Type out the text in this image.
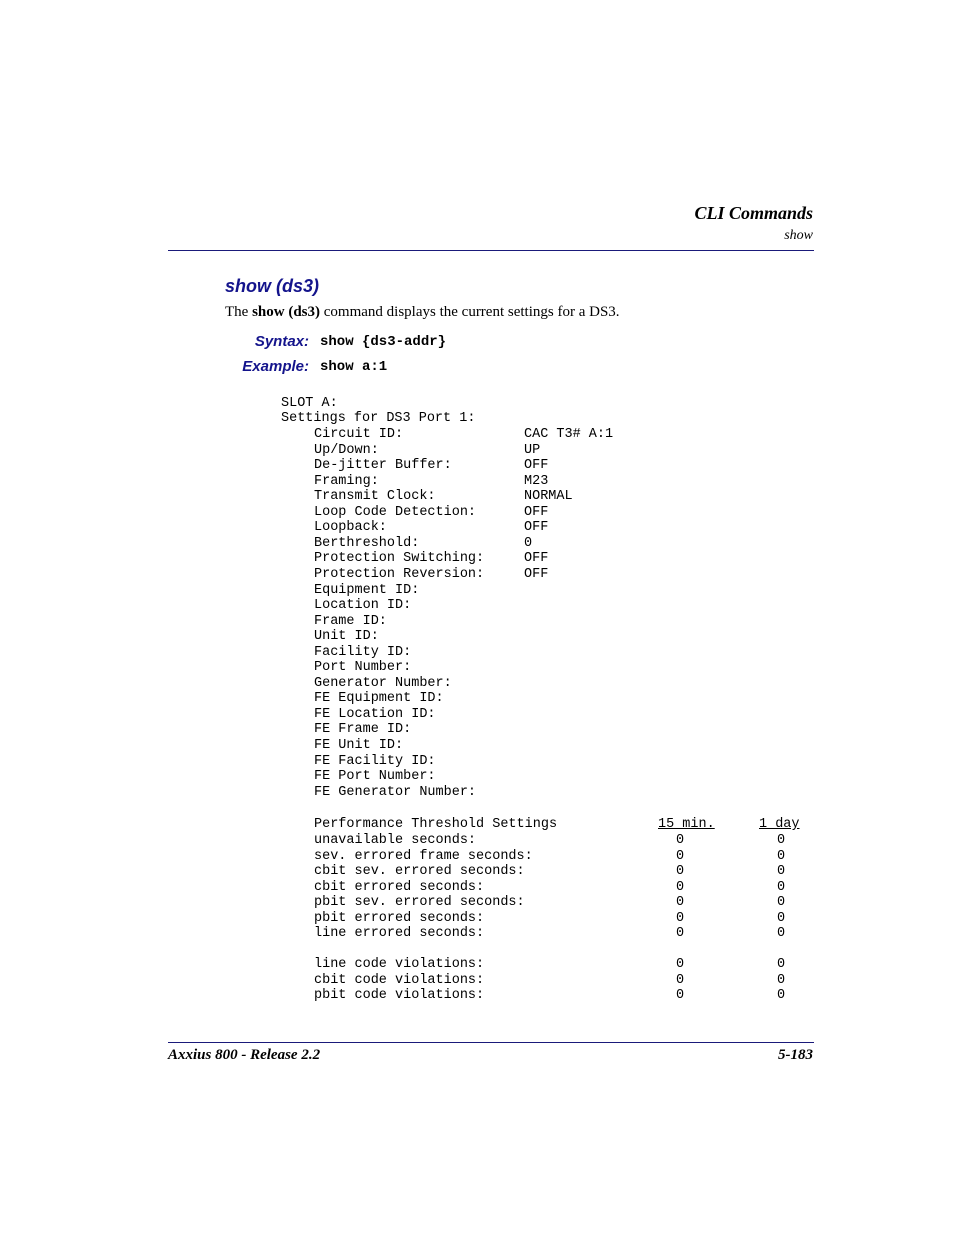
CLI Commands
show
show (ds3)
The show (ds3) command displays the current settings for a DS3.
Syntax: show {ds3-addr}
Example: show a:1
SLOT A:
Settings for DS3 Port 1:
Circuit ID:	CAC T3# A:1
Up/Down:	UP
De-jitter Buffer:	OFF
Framing:	M23
Transmit Clock:	NORMAL
Loop Code Detection:	OFF
Loopback:	OFF
Berthreshold:	0
Protection Switching:	OFF
Protection Reversion:	OFF
Equipment ID:
Location ID:
Frame ID:
Unit ID:
Facility ID:
Port Number:
Generator Number:
FE Equipment ID:
FE Location ID:
FE Frame ID:
FE Unit ID:
FE Facility ID:
FE Port Number:
FE Generator Number:
Performance Threshold Settings	15 min.	1 day
unavailable seconds:	0	0
sev. errored frame seconds:	0	0
cbit sev. errored seconds:	0	0
cbit errored seconds:	0	0
pbit sev. errored seconds:	0	0
pbit errored seconds:	0	0
line errored seconds:	0	0
line code violations:	0	0
cbit code violations:	0	0
pbit code violations:	0	0
Axxius 800 - Release 2.2	5-183
